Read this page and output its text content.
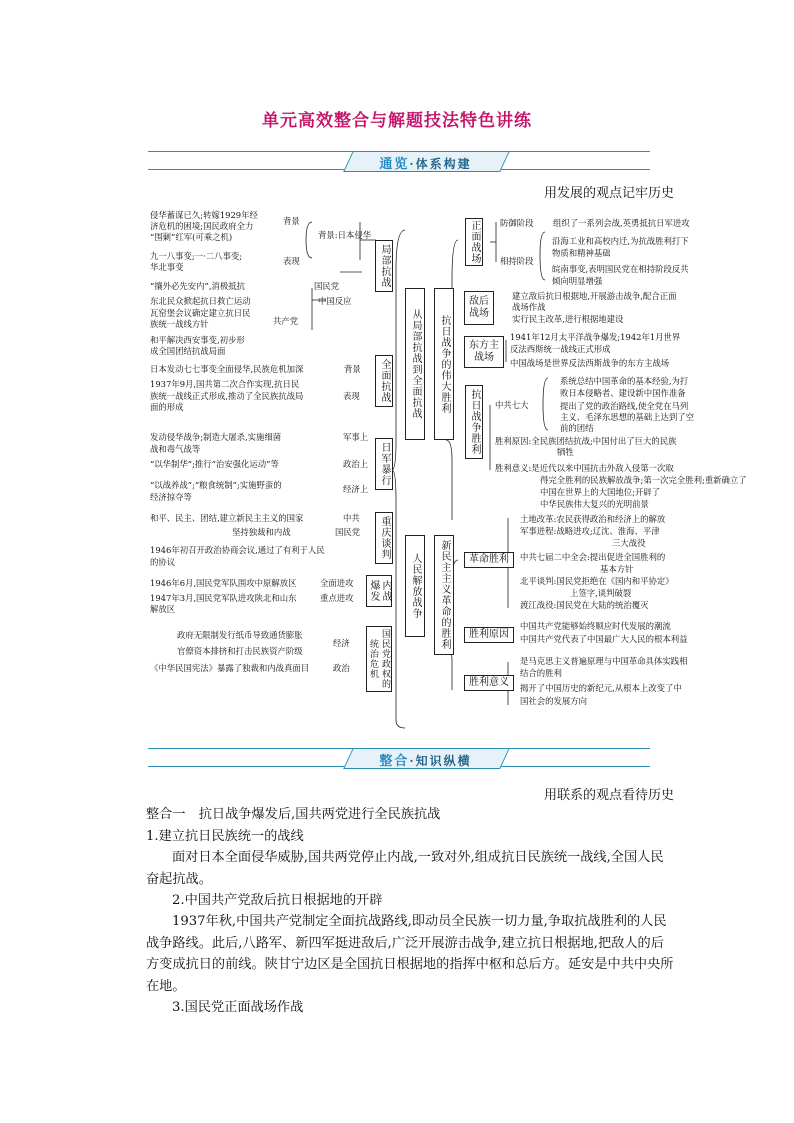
单元高效整合与解题技法特色讲练
通览·体系构建
用发展的观点记牢历史
从局部抗战到全面抗战 抗日战争的伟大胜利
人民解放战争 新民主主义革命的胜利
局部抗战
全面抗战
日军暴行
重庆谈判
内战爆发
国民党政权的统治危机
侵华蓄谋已久;转嫁1929年经
济危机的困境;国民政府全力
“围剿”红军(可乘之机)
背景
背景:日本侵华
九一八事变;一·二八事变;
华北事变
表现
“攘外必先安内”,消极抵抗	国民党
中国反应
东北民众掀起抗日救亡运动
瓦窑堡会议确定建立抗日民
族统一战线方针
和平解决西安事变,初步形
成全国团结抗战局面
共产党
日本发动七七事变全面侵华,民族危机加深	背景
1937年9月,国共第二次合作实现,抗日民
族统一战线正式形成,推动了全民族抗战局
面的形成
表现
发动侵华战争;制造大屠杀,实施细菌
战和毒气战等
军事上
“以华制华”;推行“治安强化运动”等	政治上
“以战养战”;“粮食统制”;实施野蛮的
经济掠夺等
经济上
和平、民主、团结,建立新民主主义的国家	中共
坚持独裁和内战	国民党
1946年初召开政治协商会议,通过了有利于人民
的协议
1946年6月,国民党军队围攻中原解放区	全面进攻
1947年3月,国民党军队进攻陕北和山东
解放区
重点进攻
政府无限制发行纸币导致通货膨胀
官僚资本排挤和打击民族资产阶级
经济
《中华民国宪法》暴露了独裁和内战真面目	政治
正面战场
敌后战场
东方主战场
抗日战争胜利
革命胜利
胜利原因
胜利意义
防御阶段 组织了一系列会战,英勇抵抗日军进攻
相持阶段
沿海工业和高校内迁,为抗战胜利打下
物质和精神基础
皖南事变,表明国民党在相持阶段反共
倾向明显增强
建立敌后抗日根据地,开展游击战争,配合正面
战场作战
实行民主改革,进行根据地建设
1941年12月太平洋战争爆发;1942年1月世界
反法西斯统一战线正式形成
中国战场是世界反法西斯战争的东方主战场
中共七大
系统总结中国革命的基本经验,为打
败日本侵略者、建设新中国作准备
提出了党的政治路线,使全党在马列
主义、毛泽东思想的基础上达到了空
前的团结
胜利原因:全民族团结抗战;中国付出了巨大的民族
牺牲
胜利意义:是近代以来中国抗击外敌入侵第一次取
得完全胜利的民族解放战争;第一次完全胜利;重新确立了
中国在世界上的大国地位;开辟了
中华民族伟大复兴的光明前景
土地改革:农民获得政治和经济上的解放
军事进程:战略进攻;辽沈、淮海、平津
三大战役
中共七届二中全会:提出促进全国胜利的
基本方针
北平谈判:国民党拒绝在《国内和平协定》
上签字,谈判破裂
渡江战役:国民党在大陆的统治覆灭
中国共产党能够始终顺应时代发展的潮流
中国共产党代表了中国最广大人民的根本利益
是马克思主义普遍原理与中国革命具体实践相
结合的胜利
揭开了中国历史的新纪元,从根本上改变了中
国社会的发展方向
整合·知识纵横
用联系的观点看待历史
整合一　抗日战争爆发后,国共两党进行全民族抗战
1.建立抗日民族统一的战线
面对日本全面侵华威胁,国共两党停止内战,一致对外,组成抗日民族统一战线,全国人民奋起抗战。
2.中国共产党敌后抗日根据地的开辟
1937年秋,中国共产党制定全面抗战路线,即动员全民族一切力量,争取抗战胜利的人民战争路线。此后,八路军、新四军挺进敌后,广泛开展游击战争,建立抗日根据地,把敌人的后方变成抗日的前线。陕甘宁边区是全国抗日根据地的指挥中枢和总后方。延安是中共中央所在地。
3.国民党正面战场作战
